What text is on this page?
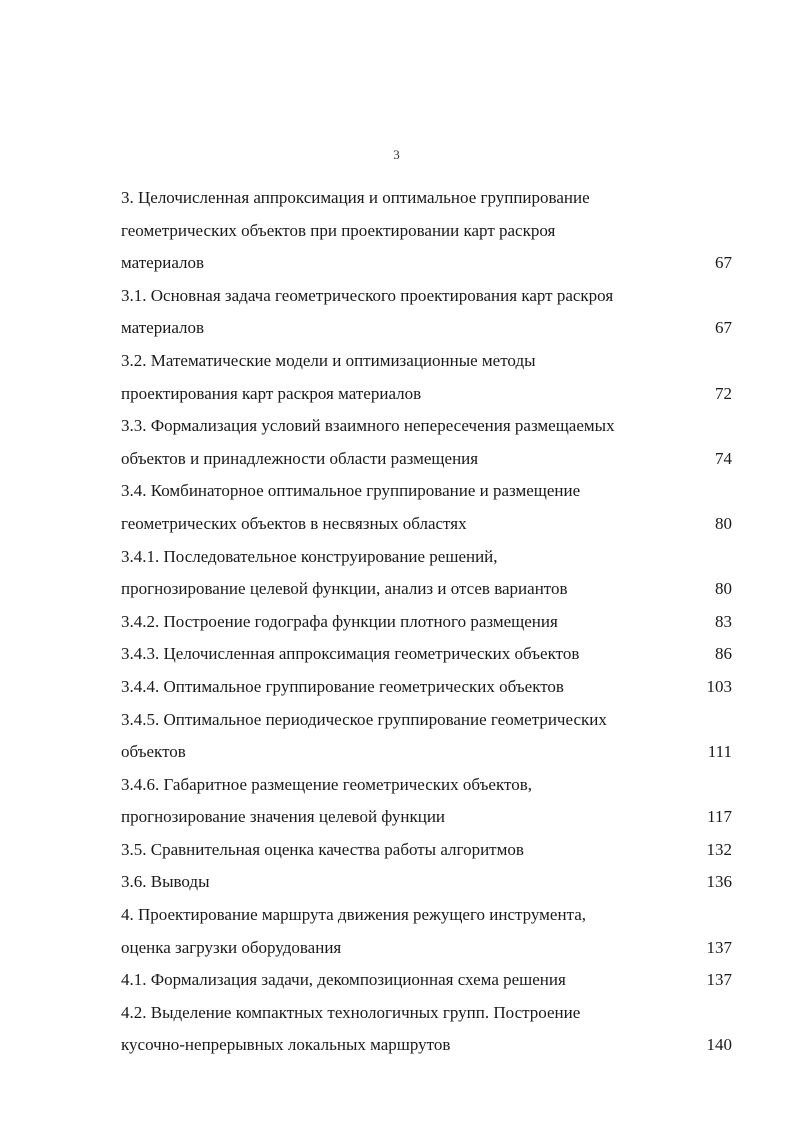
3
3. Целочисленная аппроксимация и оптимальное группирование
геометрических объектов при проектировании карт раскроя
материалов	67
3.1. Основная задача геометрического проектирования карт раскроя
материалов	67
3.2. Математические модели и оптимизационные методы
проектирования карт раскроя материалов	72
3.3. Формализация условий взаимного непересечения размещаемых
объектов и принадлежности области размещения	74
3.4. Комбинаторное оптимальное группирование и размещение
геометрических объектов в несвязных областях	80
3.4.1. Последовательное конструирование решений,
прогнозирование целевой функции, анализ и отсев вариантов	80
3.4.2. Построение годографа функции плотного размещения	83
3.4.3. Целочисленная аппроксимация геометрических объектов	86
3.4.4. Оптимальное группирование геометрических объектов	103
3.4.5. Оптимальное периодическое группирование геометрических
объектов	111
3.4.6. Габаритное размещение геометрических объектов,
прогнозирование значения целевой функции	117
3.5. Сравнительная оценка качества работы алгоритмов	132
3.6. Выводы	136
4. Проектирование маршрута движения режущего инструмента,
оценка загрузки оборудования	137
4.1. Формализация задачи, декомпозиционная схема решения	137
4.2. Выделение компактных технологичных групп. Построение
кусочно-непрерывных локальных маршрутов	140
